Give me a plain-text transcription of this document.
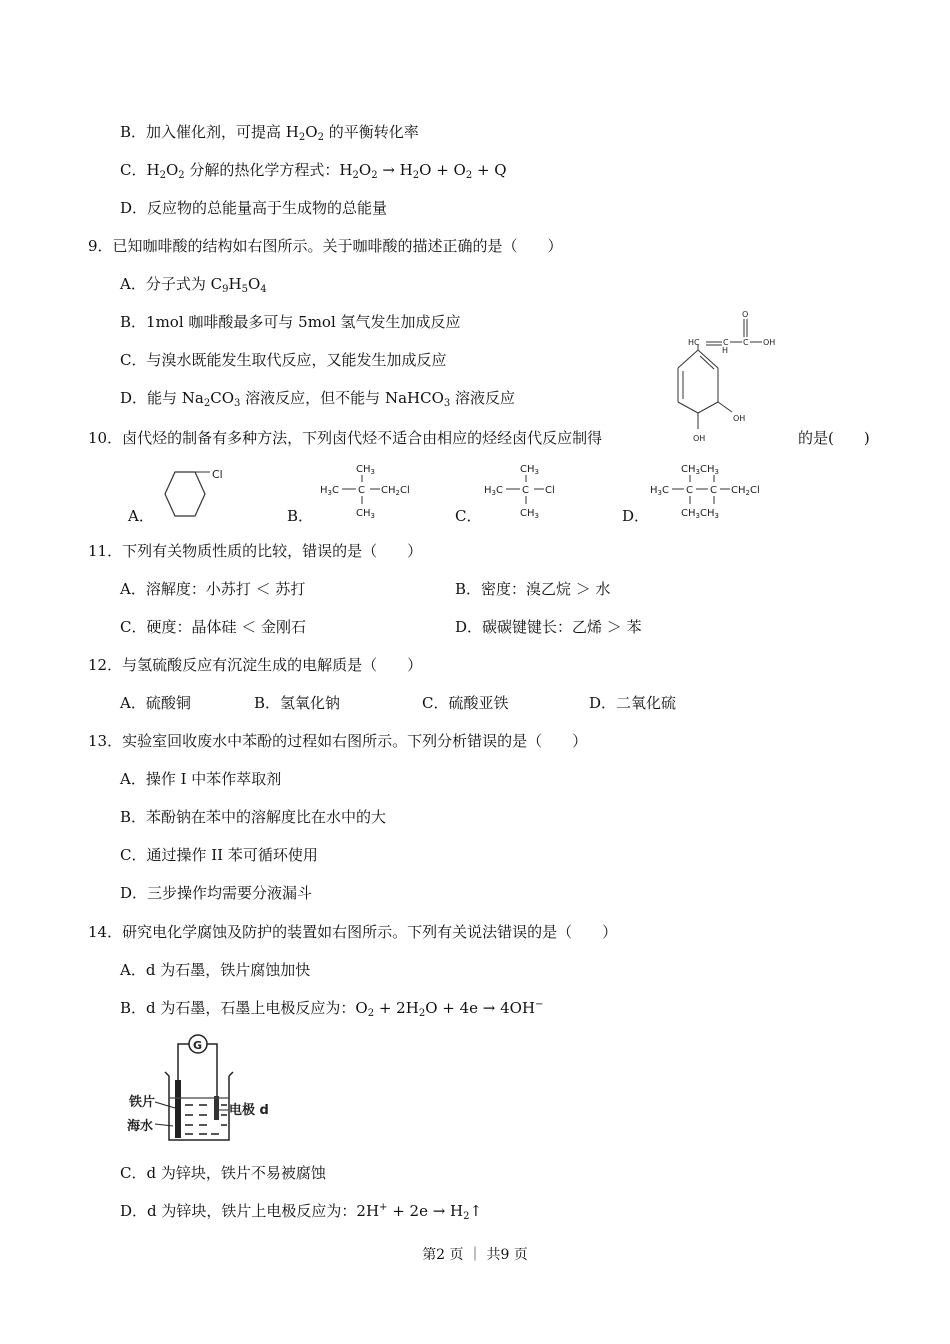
B．加入催化剂，可提高 $H_2O_2$ 的平衡转化率
C．$H_2O_2$ 分解的热化学方程式：$H_2O_2 \to H_2O + O_2 + Q$
D．反应物的总能量高于生成物的总能量
9．已知咖啡酸的结构如右图所示。关于咖啡酸的描述正确的是（　　）
A．分子式为 $C_9H_5O_4$
B．1mol 咖啡酸最多可与 5mol 氢气发生加成反应
C．与溴水既能发生取代反应，又能发生加成反应
D．能与 $Na_2CO_3$ 溶液反应，但不能与 NaHCO$_3$ 溶液反应
HC
H
C C
O
OH
OH
OH
10．卤代烃的制备有多种方法，下列卤代烃不适合由相应的烃经卤代反应制得	的是(　　)
A．	B．	C．	D．
Cl	$CH_3$
$H_3C$ C $CH_2Cl$
$CH_3$
$CH_3$
$H_3C$ C Cl
$CH_3$
$CH_3CH_3$
$H_3C$ C C $CH_2Cl$
$CH_3CH_3$
11．下列有关物质性质的比较，错误的是（　　）
A．溶解度：小苏打 ＜ 苏打	B．密度：溴乙烷 ＞ 水
C．硬度：晶体硅 ＜ 金刚石	D．碳碳键键长：乙烯 ＞ 苯
12．与氢硫酸反应有沉淀生成的电解质是（　　）
A．硫酸铜	B．氢氧化钠	C．硫酸亚铁	D．二氧化硫
13．实验室回收废水中苯酚的过程如右图所示。下列分析错误的是（　　）
A．操作 I 中苯作萃取剂
B．苯酚钠在苯中的溶解度比在水中的大
C．通过操作 II 苯可循环使用
D．三步操作均需要分液漏斗
14．研究电化学腐蚀及防护的装置如右图所示。下列有关说法错误的是（　　）
A．d 为石墨，铁片腐蚀加快
B．d 为石墨，石墨上电极反应为：$O_2 + 2H_2O + 4e \to 4OH^-$
G
铁片
海水
电极 d
C．d 为锌块，铁片不易被腐蚀
D．d 为锌块，铁片上电极反应为：$2H^+ + 2e \to H_2↑$
第2 页 ｜ 共9 页
